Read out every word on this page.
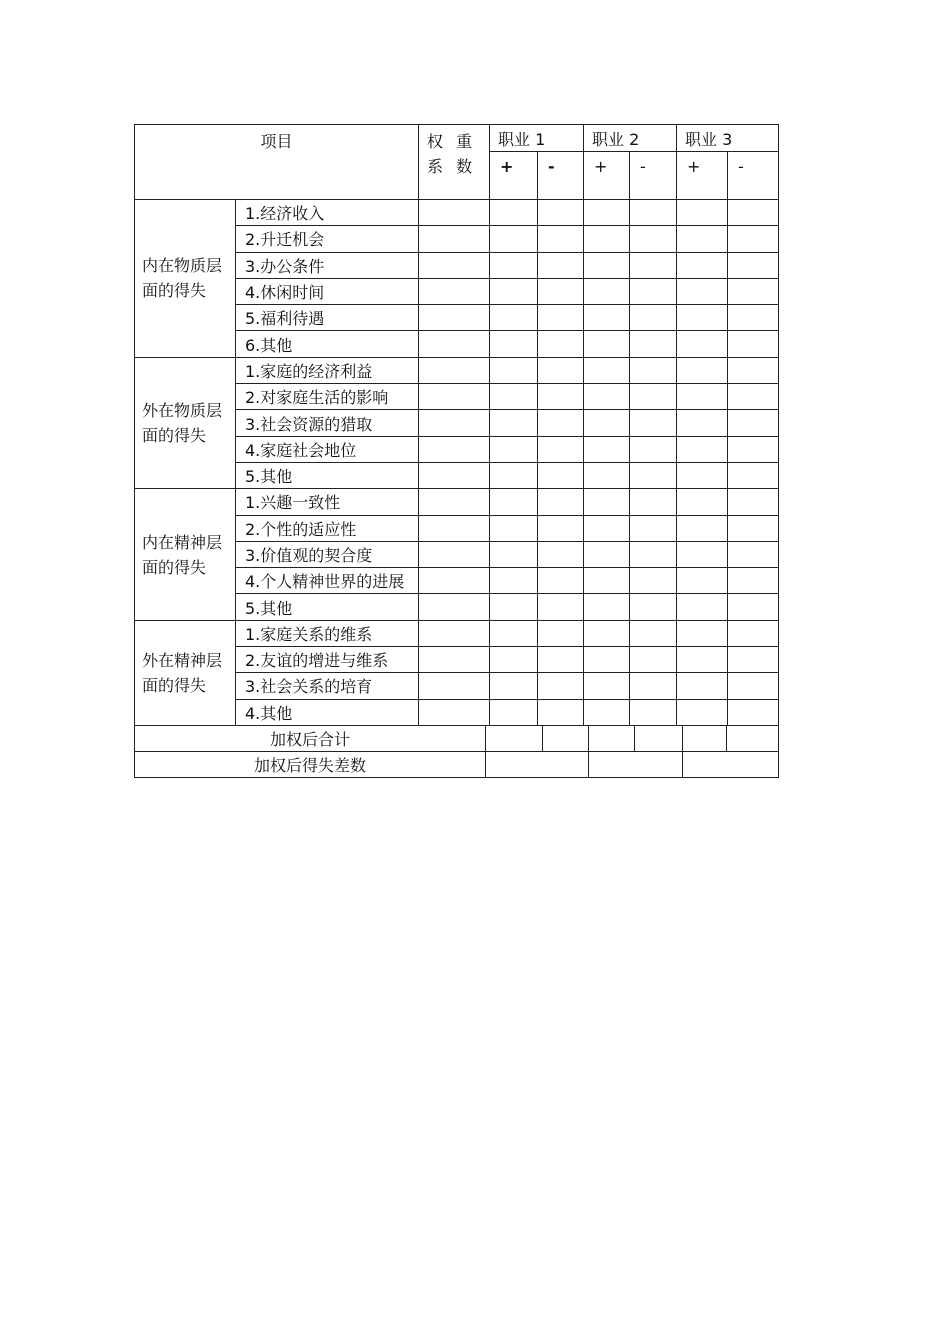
项目		权 重 系 数	职业 1		职业 2		职业 3	
			+	-	+	-	+	-
内在物质层面的得失	1.经济收入							
	2.升迁机会							
	3.办公条件							
	4.休闲时间							
	5.福利待遇							
	6.其他							
外在物质层面的得失	1.家庭的经济利益							
	2.对家庭生活的影响							
	3.社会资源的猎取							
	4.家庭社会地位							
	5.其他							
内在精神层面的得失	1.兴趣一致性							
	2.个性的适应性							
	3.价值观的契合度							
	4.个人精神世界的进展							
	5.其他							
外在精神层面的得失	1.家庭关系的维系							
	2.友谊的增进与维系							
	3.社会关系的培育							
	4.其他							
加权后合计						
加权后得失差数						
